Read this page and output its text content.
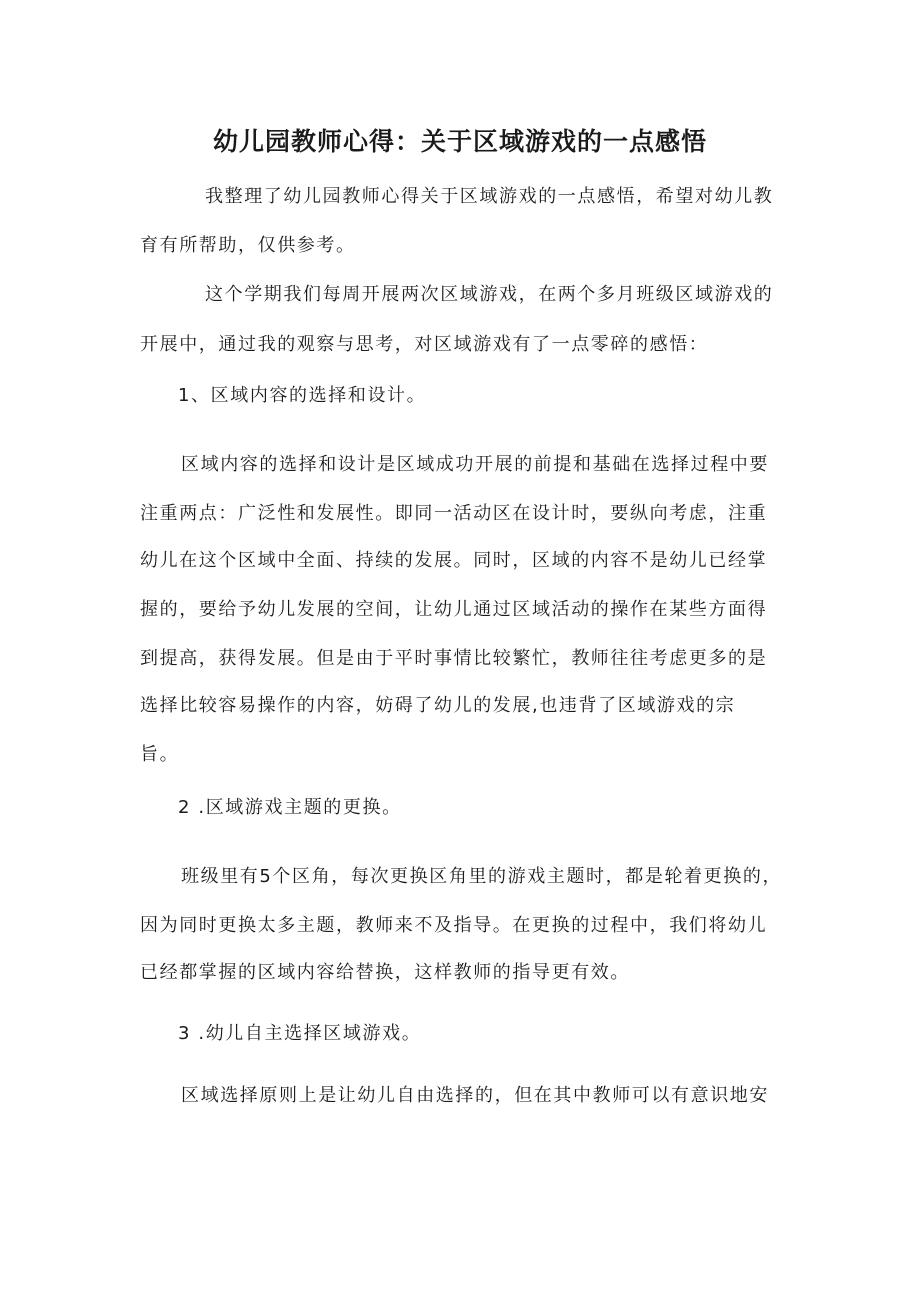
幼儿园教师心得：关于区域游戏的一点感悟

我整理了幼儿园教师心得关于区域游戏的一点感悟，希望对幼儿教

育有所帮助，仅供参考。

这个学期我们每周开展两次区域游戏，在两个多月班级区域游戏的

开展中，通过我的观察与思考，对区域游戏有了一点零碎的感悟：

1、区域内容的选择和设计。

区域内容的选择和设计是区域成功开展的前提和基础在选择过程中要

注重两点：广泛性和发展性。即同一活动区在设计时，要纵向考虑，注重

幼儿在这个区域中全面、持续的发展。同时，区域的内容不是幼儿已经掌

握的，要给予幼儿发展的空间，让幼儿通过区域活动的操作在某些方面得

到提高，获得发展。但是由于平时事情比较繁忙，教师往往考虑更多的是

选择比较容易操作的内容，妨碍了幼儿的发展,也违背了区域游戏的宗

旨。

2 .区域游戏主题的更换。

班级里有5个区角，每次更换区角里的游戏主题时，都是轮着更换的，

因为同时更换太多主题，教师来不及指导。在更换的过程中，我们将幼儿

已经都掌握的区域内容给替换，这样教师的指导更有效。

3 .幼儿自主选择区域游戏。

区域选择原则上是让幼儿自由选择的，但在其中教师可以有意识地安
